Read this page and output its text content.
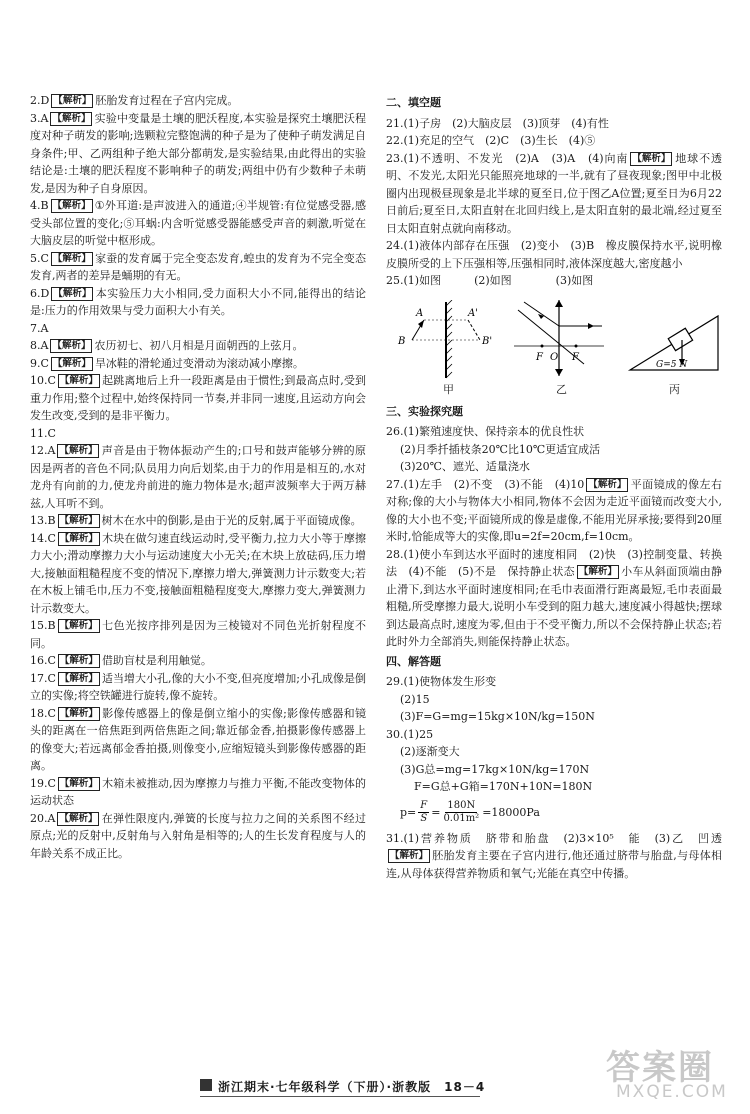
2.D 【解析】 胚胎发育过程在子宫内完成。

3.A 【解析】 实验中变量是土壤的肥沃程度,本实验是探究土壤肥沃程度对种子萌发的影响;选颗粒完整饱满的种子是为了使种子萌发满足自身条件;甲、乙两组种子绝大部分都萌发,是实验结果,由此得出的实验结论是:土壤的肥沃程度不影响种子的萌发;两组中仍有少数种子未萌发,是因为种子自身原因。

4.B 【解析】 ①外耳道:是声波进入的通道;④半规管:有位觉感受器,感受头部位置的变化;⑤耳蜗:内含听觉感受器能感受声音的刺激,听觉在大脑皮层的听觉中枢形成。

5.C 【解析】 家蚕的发育属于完全变态发育,蝗虫的发育为不完全变态发育,两者的差异是蛹期的有无。

6.D 【解析】 本实验压力大小相同,受力面积大小不同,能得出的结论是:压力的作用效果与受力面积大小有关。

7.A

8.A 【解析】 农历初七、初八月相是月面朝西的上弦月。

9.C 【解析】 旱冰鞋的滑轮通过变滑动为滚动减小摩擦。

10.C 【解析】 起跳离地后上升一段距离是由于惯性;到最高点时,受到重力作用;整个过程中,始终保持同一节奏,并非同一速度,且运动方向会发生改变,受到的是非平衡力。

11.C

12.A 【解析】 声音是由于物体振动产生的;口号和鼓声能够分辨的原因是两者的音色不同;队员用力向后划桨,由于力的作用是相互的,水对龙舟有向前的力,使龙舟前进的施力物体是水;超声波频率大于两万赫兹,人耳听不到。

13.B 【解析】 树木在水中的倒影,是由于光的反射,属于平面镜成像。

14.C 【解析】 木块在做匀速直线运动时,受平衡力,拉力大小等于摩擦力大小;滑动摩擦力大小与运动速度大小无关;在木块上放砝码,压力增大,接触面粗糙程度不变的情况下,摩擦力增大,弹簧测力计示数变大;若在木板上铺毛巾,压力不变,接触面粗糙程度变大,摩擦力变大,弹簧测力计示数变大。

15.B 【解析】 七色光按序排列是因为三棱镜对不同色光折射程度不同。

16.C 【解析】 借助盲杖是利用触觉。

17.C 【解析】 适当增大小孔,像的大小不变,但亮度增加;小孔成像是倒立的实像;将空铁罐进行旋转,像不旋转。

18.C 【解析】 影像传感器上的像是倒立缩小的实像;影像传感器和镜头的距离在一倍焦距到两倍焦距之间;靠近郁金香,拍摄影像传感器上的像变大;若远离郁金香拍摄,则像变小,应缩短镜头到影像传感器的距离。

19.C 【解析】 木箱未被推动,因为摩擦力与推力平衡,不能改变物体的运动状态

20.A 【解析】 在弹性限度内,弹簧的长度与拉力之间的关系图不经过原点;光的反射中,反射角与入射角是相等的;人的生长发育程度与人的年龄关系不成正比。

二、填空题

21.(1)子房　(2)大脑皮层　(3)顶芽　(4)有性

22.(1)充足的空气　(2)C　(3)生长　(4)⑤

23.(1)不透明、不发光　(2)A　(3)A　(4)向南 【解析】 地球不透明、不发光,太阳光只能照亮地球的一半,就有了昼夜现象;图甲中北极圈内出现极昼现象是北半球的夏至日,位于图乙A位置;夏至日为6月22日前后;夏至日,太阳直射在北回归线上,是太阳直射的最北端,经过夏至日太阳直射点就向南移动。

24.(1)液体内部存在压强　(2)变小　(3)B　橡皮膜保持水平,说明橡皮膜所受的上下压强相等,压强相同时,液体深度越大,密度越小

25.(1)如图　　　(2)如图　　　　(3)如图

A
B
A'
B'
甲
F O F
乙
G=5 N
丙
三、实验探究题

26.(1)繁殖速度快、保持亲本的优良性状

(2)月季扦插枝条20℃比10℃更适宜成活

(3)20℃、遮光、适量浇水

27.(1)左手　(2)不变　(3)不能　(4)10 【解析】 平面镜成的像左右对称;像的大小与物体大小相同,物体不会因为走近平面镜而改变大小,像的大小也不变;平面镜所成的像是虚像,不能用光屏承接;要得到20厘米时,恰能成等大的实像,即u=2f=20cm,f=10cm。

28.(1)使小车到达水平面时的速度相同　(2)快　(3)控制变量、转换法　(4)不能　(5)不是　保持静止状态 【解析】 小车从斜面顶端由静止滑下,到达水平面时速度相同;在毛巾表面滑行距离最短,毛巾表面最粗糙,所受摩擦力最大,说明小车受到的阻力越大,速度减小得越快;摆球到达最高点时,速度为零,但由于不受平衡力,所以不会保持静止状态;若此时外力全部消失,则能保持静止状态。

四、解答题

29.(1)使物体发生形变

(2)15

(3)F=G=mg=15kg×10N/kg=150N

30.(1)25

(2)逐渐变大

(3)G总=mg=17kg×10N/kg=170N

F=G总+G箱=170N+10N=180N

$p= \frac{F}{S} = \frac{180N}{\text{0.01m²}} =18000Pa$

31.(1)营养物质　脐带和胎盘　(2)3×10⁵　能　(3)乙　凹透【解析】 胚胎发育主要在子宫内进行,他还通过脐带与胎盘,与母体相连,从母体获得营养物质和氧气;光能在真空中传播。

浙江期末·七年级科学（下册）·浙教版　18－4	答案圈
MXQE.COM
